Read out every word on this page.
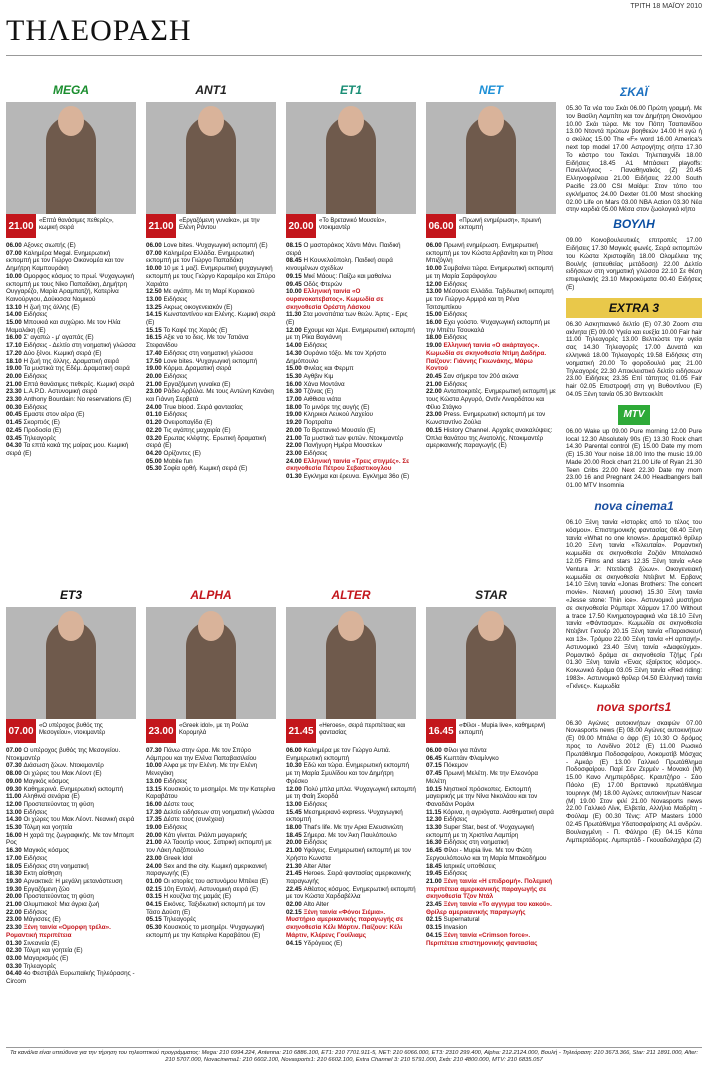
ΤΡΙΤΗ 18 ΜΑΪΟΥ 2010
ΤΗΛΕΟΡΑΣΗ
MEGA
21.00 «Επτά θανάσιμες πεθερές», κωμική σειρά
06.00 Αξονες σιωπής (Ε)
07.00 Καλημέρα Megal. Ενημερωτική εκπομπή με τον Γιώργο Οικονομέα και τον Δημήτρη Καμπουράκη
10.00 Ομορφος κόσμος το πρωί. Ψυχαγωγική εκπομπή με τους Νίκο Παπαδάκη, Δημήτρη Ουγγαρέζο, Μαρία Αραμπατζή, Κατερίνα Καινούργιου, Δούκισσα Νομικού
13.10 Η ζωή της άλλης (Ε)
14.00 Ειδήσεις
15.00 Μπουκιά και συχώριο. Με τον Ηλία Μαμαλάκη (Ε)
16.00 Σ' αγαπώ - μ' αγαπάς (Ε)
17.10 Ειδήσεις - Δελτίο στη νοηματική γλώσσα
17.20 Δύο ξένοι. Κωμική σειρά (Ε)
18.10 Η ζωή της άλλης. Δραματική σειρά
19.00 Τα μυστικά της Εδέμ. Δραματική σειρά
20.00 Ειδήσεις
21.00 Επτά θανάσιμες πεθερές. Κωμική σειρά
23.30 L.A.P.D. Αστυνομική σειρά
23.30 Anthony Bourdain: No reservations (Ε)
00.30 Ειδήσεις
00.45 Εμαστε στον αέρα (Ε)
01.45 Σκορπιός (Ε)
02.45 Προδοσία (Ε)
03.45 Τηλεαγορές
04.30 Τα επτά κακά της μοίρας μου. Κωμική σειρά (Ε)
ANT1
21.00 «Εργαζόμενη γυναίκα», με την Ελένη Ράντου
06.00 Love bites. Ψυχαγωγική εκπομπή (Ε)
07.00 Καλημέρα Ελλάδα. Ενημερωτική εκπομπή με τον Γιώργο Παπαδάκη
10.00 10 με 1 μαζί. Ενημερωτική ψυχαγωγική εκπομπή με τους Γιώργο Καραμέρο και Σπύρο Χαριάτο
12.50 Με αγάπη. Με τη Μαρί Κυριακού
13.00 Ειδήσεις
13.25 Ακρως οικογενειακόν (Ε)
14.15 Κωνσταντίνου και Ελένης. Κωμική σειρά (Ε)
15.15 Το Καφέ της Χαράς (Ε)
16.15 Αξιε να το δεις. Με τον Τατιάνα Στεφανίδου
17.40 Ειδήσεις στη νοηματική γλώσσα
17.50 Love bites. Ψυχαγωγική εκπομπή
19.00 Κόρμα. Δραματική σειρά
20.00 Ειδήσεις
21.00 Εργαζόμενη γυναίκα (Ε)
23.00 Ράδιο Αρβύλα. Με τους Αντώνη Κανάκη και Γιάννη Σερβετά
24.00 True blood. Σειρά φαντασίας
01.10 Ειδήσεις
01.20 Ονειροπαγίδα (Ε)
02.20 Τις αγάπης μαχαιρία (Ε)
03.20 Ερωτας κλέφτης. Ερωτική δραματική σειρά (Ε)
04.20 Ορίζοντες (Ε)
05.00 Mobile fun
05.30 Σοφία ορθή. Κωμική σειρά (Ε)
ΕΤ1
20.00 «Το Βρετανικό Μουσείο», ντοκιμαντέρ
08.15 Ο μαστοράκος Χάντι Μάνι. Παιδική σειρά
08.45 Η Κουνελοϋπολη. Παιδική σειρά κινουμένων σχεδίων
09.15 Μικί Μάους: Παίζω και μαθαίνω
09.45 Οδός Φτερών
10.00 Ελληνική ταινία «Ο ουρανοκατεβατος». Κωμωδία σε σκηνοθεσία Ορέστη Λάσκου
11.30 Στα μονοπάτια των θεών. Άρτις - Ερις (Ε)
12.00 Εχουμε και λέμε. Ενημερωτική εκπομπή με τη Ρίκα Βαγιάννη
14.00 Ειδήσεις
14.30 Ουράνιο τόξο. Με τον Χρήστο Δημόπουλο
15.00 Φινέας και Φερμπ
15.30 Αγθβιν Κιμ
16.00 Χάνα Μοντάνα
16.30 Τζόνας (Ε)
17.00 Αιθθισα νιάτα
18.00 Το μινόρε της αυγής (Ε)
19.00 Κληρικοι Λευκού Λαχείου
19.20 Πορτραίτα
20.00 Το Βρετανικό Μουσείο (Ε)
21.00 Τα μυστικά των φυτών. Ντοκιμαντέρ
22.00 Πανήγυρη Ημέρα Μουσείων
23.00 Ειδήσεις
24.00 Ελληνική ταινία «Τρεις στιγμές». Σε σκηνοθεσία Πέτρου Σεβαστικογλου
01.30 Εγκλημα και έρευνα. Εγκλημα 36ο (Ε)
NET
06.00 «Πρωινή ενημέρωση», πρωινή εκπομπή
06.00 Πρωινή ενημέρωση. Ενημερωτική εκπομπή με τον Κώστα Αρβανίτη και τη Ρίτσα Μπιζόγλη
10.00 Συμβαίνει τώρα. Ενημερωτική εκπομπή με τη Μαρία Σαράφογλου
12.00 Ειδήσεις
13.00 Μέσουσε Ελλάδα. Ταξιδιωτική εκπομπή με τον Γιώργο Αρμιρά και τη Ρένα Τσιτσιμπίκου
15.00 Ειδήσεις
16.00 Εχει γούστο. Ψυχαγωγική εκπομπή με την Μπέτυ Τσουκαλά
18.00 Ειδήσεις
19.00 Ελληνική ταινία «Ο ακάρταγος». Κωμωδία σε σκηνοθεσία Ντίμη Δαδήρα. Παίζουν: Γιάννης Γκιωνάκης, Μάρω Κοντού
20.45 Σαν σήμερα τον 20ό αιώνα
21.00 Ειδήσεις
22.00 Ανταποκριτές. Ενημερωτική εκπομπή με τους Κώστα Αργυρό, Οντίν Λιναρδάτου και Φίλιο Στάγκο
23.00 Press. Ενημερωτική εκπομπή με τον Κωνσταντίνο Ζούλα
00.15 History Channel. Αρχαίες ανακαλύψεις: Όπλα θανάτου της Ανατολής. Ντοκιμαντέρ αμερικανικής παραγωγής (Ε)
ΕΤ3
07.00 «Ο υπέροχος βυθός της Μεσογείου», ντοκιμαντέρ
07.00 Ο υπέροχος βυθός της Μεσογείου. Ντοκιμαντέρ
07.30 Διάσωση ζώων. Ντοκιμαντέρ
08.00 Οι χώρες του Μακ Λέοντ (Ε)
09.00 Μαγικός κόσμος
09.30 Καθημερινά. Ενημερωτική εκπομπή
11.00 Αληθινά σενάρια (Ε)
12.00 Προστατεύοντας τη φύση
13.00 Ειδήσεις
14.30 Οι χώρες του Μακ Λέοντ. Νεανική σειρά
15.30 Τόλμη και γοητεία
16.00 Η χαρά της ζωγραφικής. Με τον Μπομπ Ρος
16.30 Μαγικός κόσμος
17.00 Ειδήσεις
18.05 Ειδήσεις στη νοηματική
18.30 Εκτη αίσθηση
19.30 Αρνακτικά: Η μεγάλη μετανάστευση
19.30 Εργαζόμενη ζώο
20.00 Προστατεύοντας τη φύση
21.00 Ολυμπιακοί: Μια άγρια ζωή
22.00 Ειδήσεις
23.00 Μάγισσες (Ε)
23.30 Ξένη ταινία «Ομορφη τρέλα». Ρομαντική περιπέτεια
01.30 Σινεανεία (Ε)
02.30 Τόλμη και γοητεία (Ε)
03.00 Μαγαρισμός (Ε)
03.30 Τηλεαγορές
04.40 4ο Φεστιβάλ Ευρωπαϊκής Τηλεόρασης - Circom
ALPHA
23.00 «Greek idol», με τη Ρούλα Κορομηλά
07.30 Πάνω στην ώρα. Με τον Σπύρο Λάμπρου και την Ελένα Παπαβασιλείου
10.00 Αλφα με την Ελένη. Με την Ελένη Μενεγάκη
13.00 Ειδήσεις
13.15 Κουσκούς το μεσημέρι. Με την Κατερίνα Καραβάτου
16.00 Δέστε τους
17.30 Δελτίο ειδήσεων στη νοηματική γλώσσα
17.35 Δέστε τους (συνέχεια)
19.00 Ειδήσεις
20.00 Κάτι γίνεται. Ριάλιτι μαγειρικής
21.00 Αλ Ταουτίρ νιους. Σατιρική εκπομπή με τον Λάκη Λαζόπουλο
23.00 Greek Idol
24.00 Sex and the city. Κωμική αμερικανική παραγωγής (Ε)
01.00 Οι ιστορίες του αστυνόμου Μπέκα (Ε)
02.15 10η Εντολή. Αστυνομική σειρά (Ε)
03.15 Η κουζίνα της μαμάς (Ε)
04.15 Εικόνες. Ταξιδιωτική εκπομπή με τον Τάσο Δούση (Ε)
05.15 Τηλεαγορές
05.30 Κουσκούς το μεσημέρι. Ψυχαγωγική εκπομπή με την Κατερίνα Καραβάτου (Ε)
ALTER
21.45 «Heroes», σειρά περιπέτειας και φαντασίας
06.00 Καλημέρα με τον Γιώργο Αυτιά. Ενημερωτική εκπομπή
10.30 Εδώ και τώρα. Ενημερωτική εκπομπή με τη Μαρία Σμυλίδου και τον Δημήτρη Φρέσκο
12.00 Πολύ μπλα μπλα. Ψυχαγωγική εκπομπή με τη Φαίη Σκορδά
13.00 Ειδήσεις
15.45 Μεσημεριανό express. Ψυχαγωγική εκπομπή
18.00 That's life. Με την Αρια Ελευσινιώτη
18.45 Σήμερα. Με τον Άκη Παυλόπουλο
20.00 Ειδήσεις
21.00 Υφάγεις. Ενημερωτική εκπομπή με τον Χρήστο Κωνστα
21.30 Alter Alter
21.45 Heroes. Σειρά φαντασίας αμερικανικής παραγωγής
22.45 Αθέατος κόσμος. Ενημερωτική εκπομπή με τον Κώστα Χαρδαβέλλα
02.00 Alto Alter
02.15 Ξένη ταινία «Φόνοι Σιέμια». Μυστήριο αμερικανικής παραγωγής σε σκηνοθεσία Κέλι Μάρτιν. Παίζουν: Κέλι Μάρτιν, Κλέρενς Γουίλιαμς
04.15 Υδρόγειος (Ε)
STAR
16.45 «Φίλοι - Mupia live», καθημερινή εκπομπή
06.00 Φίλοι για πάντα
06.45 Κωπτάιν Φλαμίνγκο
07.15 Πόκεμον
07.45 Πρωινή Μελέτη. Με την Ελεονόρα Μελέτη
10.15 Νηστικοί πρόσκοπες. Εκπομπή μαγειρικής με την Νίνα Νικολάου και τον Φαναδάνι Ρομάνι
11.15 Κόρινα, η αγριόγατα. Αισθηματική σειρά
12.30 Ειδήσεις
13.30 Super Star, best of. Ψυχαγωγική εκπομπή με τη Χριστίνα Λαμπίρη
16.30 Ειδήσεις στη νοηματική
16.45 Φίλοι - Mupia live. Με τον Φώτη Σεργουλόπουλο και τη Μαρία Μπακοδήμου
18.45 Ιατρικές υποθέσεις
19.45 Ειδήσεις
21.00 Ξένη ταινία «Η επιδρομή». Πολεμική περιπέτεια αμερικανικής παραγωγής σε σκηνοθεσία Τζον Ντάλ
23.45 Ξένη ταινία «Το αγγιγμα του κακού». Θρίλερ αμερικανικής παραγωγής
02.15 Supernatural
03.15 Invasion
04.15 Ξένη ταινία «Crimson force». Περιπέτεια επιστημονικής φαντασίας
ΣΚΑΪ
05.30 Τα νέα του Σκάι 06.00 Πρώτη γραμμή. Με τον Βασίλη Λαμπίτη και τον Δημήτρη Οικονόμου 10.00 Σκάι τώρα. Με τον Πόπη Τσαπανίδου 13.00 Ντοντά πρώτων βοηθειών 14.00 Η εγώ ή ο σκύλος 15.00 The «F» word 16.00 America's next top model 17.00 Αστρογήτης σήττα 17.30 Το κάστρο του Τακέσι. Τηλεπαιχνίδι 18.00 Ειδήσεις 18.45 A1 Μπάσκετ playoffs: Πανελλήνιος - Παναθηναϊκός (Ζ) 20.45 Ελληνοφρένεια 21.00 Ειδήσεις 22.00 South Pacific 23.00 CSI Μαϊάμι: Στον τόπο του εγκλήματος 24.00 Dexter 01.00 Most shocking 02.00 Life on Mars 03.00 NBA Action 03.30 Νέα στην καρδιά 05.00 Μέσα στον ζωολογικό κήπο
ΒΟΥΛΗ
09.00 Κοινοβουλευτικές επιτροπές 17.00 Ειδήσεις 17.30 Μαγικές φωνές. Σειρά εκπομπών του Κώστα Χριστοφίδη 18.00 Ολομέλεια της Βουλής (απευθείας μετάδοση) 22.00 Δελτίο ειδήσεων στη νοηματική γλώσσα 22.10 Σε θέση επιφυλακής 23.10 Μικροκύματα 00.40 Ειδήσεις (Ε)
EXTRA 3
06.30 Ασκηπιανικό δελτίο (Ε) 07.30 Zoom στα ακίνητα (Ε) 09.00 Υγεία και ευεξία 10.00 Fair hair 11.00 Τηλεαγορές 13.00 Βελτιώστε την υγεία σας 14.30 Τηλεαγορές 17.00 Δυνατά και ελληνικά 18.00 Τηλεαγορές 19.58 Ειδήσεις στη νοηματική 20.00 Το φοροδουλιό μας 21.00 Τηλεαγορές 22.30 Αποκλειστικό δελτίο ειδήσεων 23.00 Ειδήσεις 23.35 Επί τάπητος 01.05 Fair hair 02.05 Επιστροφή στη γη Βυθοντίνου (Ε) 04.05 Ξένη ταινία 05.30 Βιντεοκλίπ
MTV
06.00 Wake up 09.00 Pure morning 12.00 Pure local 12.30 Absolutely 90s (E) 13.30 Rock chart 14.30 Parental control (E) 15.00 Date my mom (E) 15.30 Your noise 18.00 Into the music 19.00 Made 20.00 Rock chart 21.00 Life of Ryan 21.30 Teen Cribs 22.00 Next 22.30 Date my mom 23.00 16 and Pregnant 24.00 Headbangers ball 01.00 MTV Insomnia
nova cinema1
06.10 Ξένη ταινία «Ιστορίες από το τέλος του κόσμου». Επιστημονικής φαντασίας 08.40 Ξένη ταινία «What no one knows». Δραματικό θρίλερ 10.20 Ξένη ταινία «Τελευταία». Ρομαντική κωμωδία σε σκηνοθεσία Ζοζιάν Μπαλασκό 12.05 Films and stars 12.35 Ξένη ταινία «Ace Ventura Jr: Ντετέκτιβ ζώων». Οικογενειακή κωμωδία σε σκηνοθεσία Ντέιβιντ Μ. Ερβανς 14.10 Ξένη ταινία «Jonas Brothers: The concert movie». Νεανική μουσική 15.30 Ξένη ταινία «Jesse stone: Thin ice». Αστυνομικό μυστήριο σε σκηνοθεσία Ρόμπερτ Χάρμον 17.00 Without a trace 17.50 Κινηματογραφικά νέα 18.10 Ξένη ταινία «Φάντασμα». Κωμωδία σε σκηνοθεσία Ντέιβιντ Γκουέρ 20.15 Ξένη ταινία «Παραισκευή και 13». Τρόμου 22.00 Ξένη ταινία «Η αρπαγή». Αστυνομικό 23.40 Ξένη ταινία «Διαφεύγμα». Ρομαντικό δράμα σε σκηνοθεσία Τζήμς Γρέι 01.30 Ξένη ταινία «Ένας εξαίρετος κόσμος». Κοινωνικό δράμα 03.05 Ξένη ταινία «Red riding: 1983». Αστυνομικό θρίλερ 04.50 Ελληνική ταινία «Γκίνες». Κωμωδία
nova sports1
06.30 Αγώνες αυτοκινήτων σκαφών 07.00 Novasports news (E) 08.00 Αγώνες αυτοκινήτων (Ε) 09.00 Μπάλα ο άφρ (E) 10.30 Ο δρόμος προς το Λονδίνο 2012 (E) 11.00 Ρωσικό Πρωτάθλημα Ποδοσφαίρου, Λοκομοτίβ Μόσχας - Αμκάρ (Ε) 13.00 Γαλλικό Πρωτάθλημα Ποδοσφαίρου. Παρί Σεν Ζερμέν - Μονακό (Μ) 15.00 Κανο Λημπερόδρες. Κραυτζήρο - Σάο Πάολο (Ε) 17.00 Βρετανικό πρωτάθλημα τουρινγκ (Μ) 18.00 Αγώνες αυτοκινήτων Nascar (Μ) 19.00 Στον φιλί 21.00 Novasports news 22.00 Γαλλικό Λίνκ, Ελβετία, Αλλήλιο Μαδρίτη - Φούλαμ (Ε) 00.30 Τένις: ATP Masters 1000 02.45 Πρωτάθλημα Υδατοσφαίρισης Α1 ανδρών. Βουλιαγμένη - Π. Φάληρο (Ε) 04.15 Κόπα Λιμπερτάδορες. Λιμπερτάδ - Γκουαδαλαχάρα (Ζ)
Τα κανάλια είναι υπεύθυνα για την τήρηση του τηλεοπτικού προγράμματος: Mega: 210 6994.224, Antenna: 210 6886.100, ΕΤ1: 210 7701.911-5, ΝΕΤ: 210 6066.000, ΕΤ3: 2310 299.400, Alpha: 212.2124.000, Βουλή - Τηλεόραση: 210 3673.366, Star: 211 1891.000, Alter: 210 5707.000, Novacinema1: 210 6602.100, Novasports1: 210 6602.100, Extra Channel 3: 210 5791.000, Σκάι: 210 4800.000, MTV: 210 6835.057
